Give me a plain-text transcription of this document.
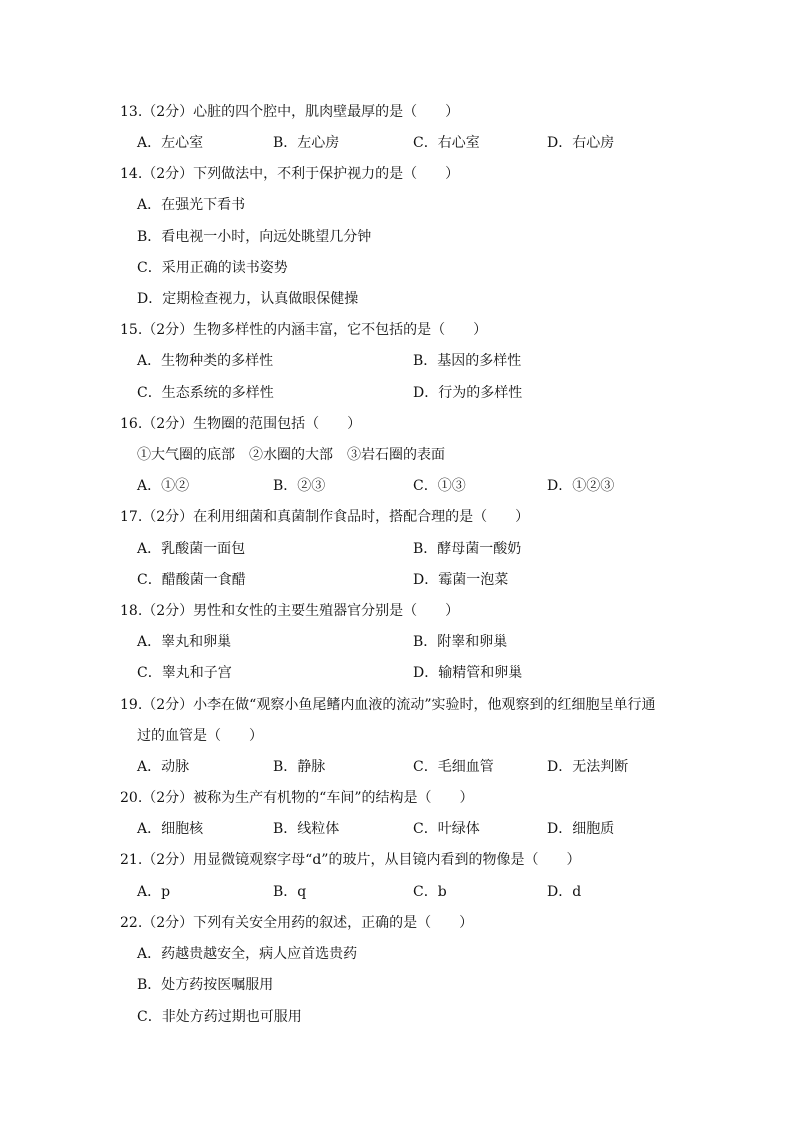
13.（2分）心脏的四个腔中，肌肉壁最厚的是（　　）
A．左心室	B．左心房	C．右心室	D．右心房
14.（2分）下列做法中，不利于保护视力的是（　　）
A．在强光下看书
B．看电视一小时，向远处眺望几分钟
C．采用正确的读书姿势
D．定期检查视力，认真做眼保健操
15.（2分）生物多样性的内涵丰富，它不包括的是（　　）
A．生物种类的多样性	B．基因的多样性
C．生态系统的多样性	D．行为的多样性
16.（2分）生物圈的范围包括（　　）
①大气圈的底部　②水圈的大部　③岩石圈的表面
A．①②	B．②③	C．①③	D．①②③
17.（2分）在利用细菌和真菌制作食品时，搭配合理的是（　　）
A．乳酸菌一面包	B．酵母菌一酸奶
C．醋酸菌一食醋	D．霉菌一泡菜
18.（2分）男性和女性的主要生殖器官分别是（　　）
A．睾丸和卵巢	B．附睾和卵巢
C．睾丸和子宫	D．输精管和卵巢
19.（2分）小李在做“观察小鱼尾鳍内血液的流动”实验时，他观察到的红细胞呈单行通
过的血管是（　　）
A．动脉	B．静脉	C．毛细血管	D．无法判断
20.（2分）被称为生产有机物的“车间”的结构是（　　）
A．细胞核	B．线粒体	C．叶绿体	D．细胞质
21.（2分）用显微镜观察字母“d”的玻片，从目镜内看到的物像是（　　）
A．p	B．q	C．b	D．d
22.（2分）下列有关安全用药的叙述，正确的是（　　）
A．药越贵越安全，病人应首选贵药
B．处方药按医嘱服用
C．非处方药过期也可服用
